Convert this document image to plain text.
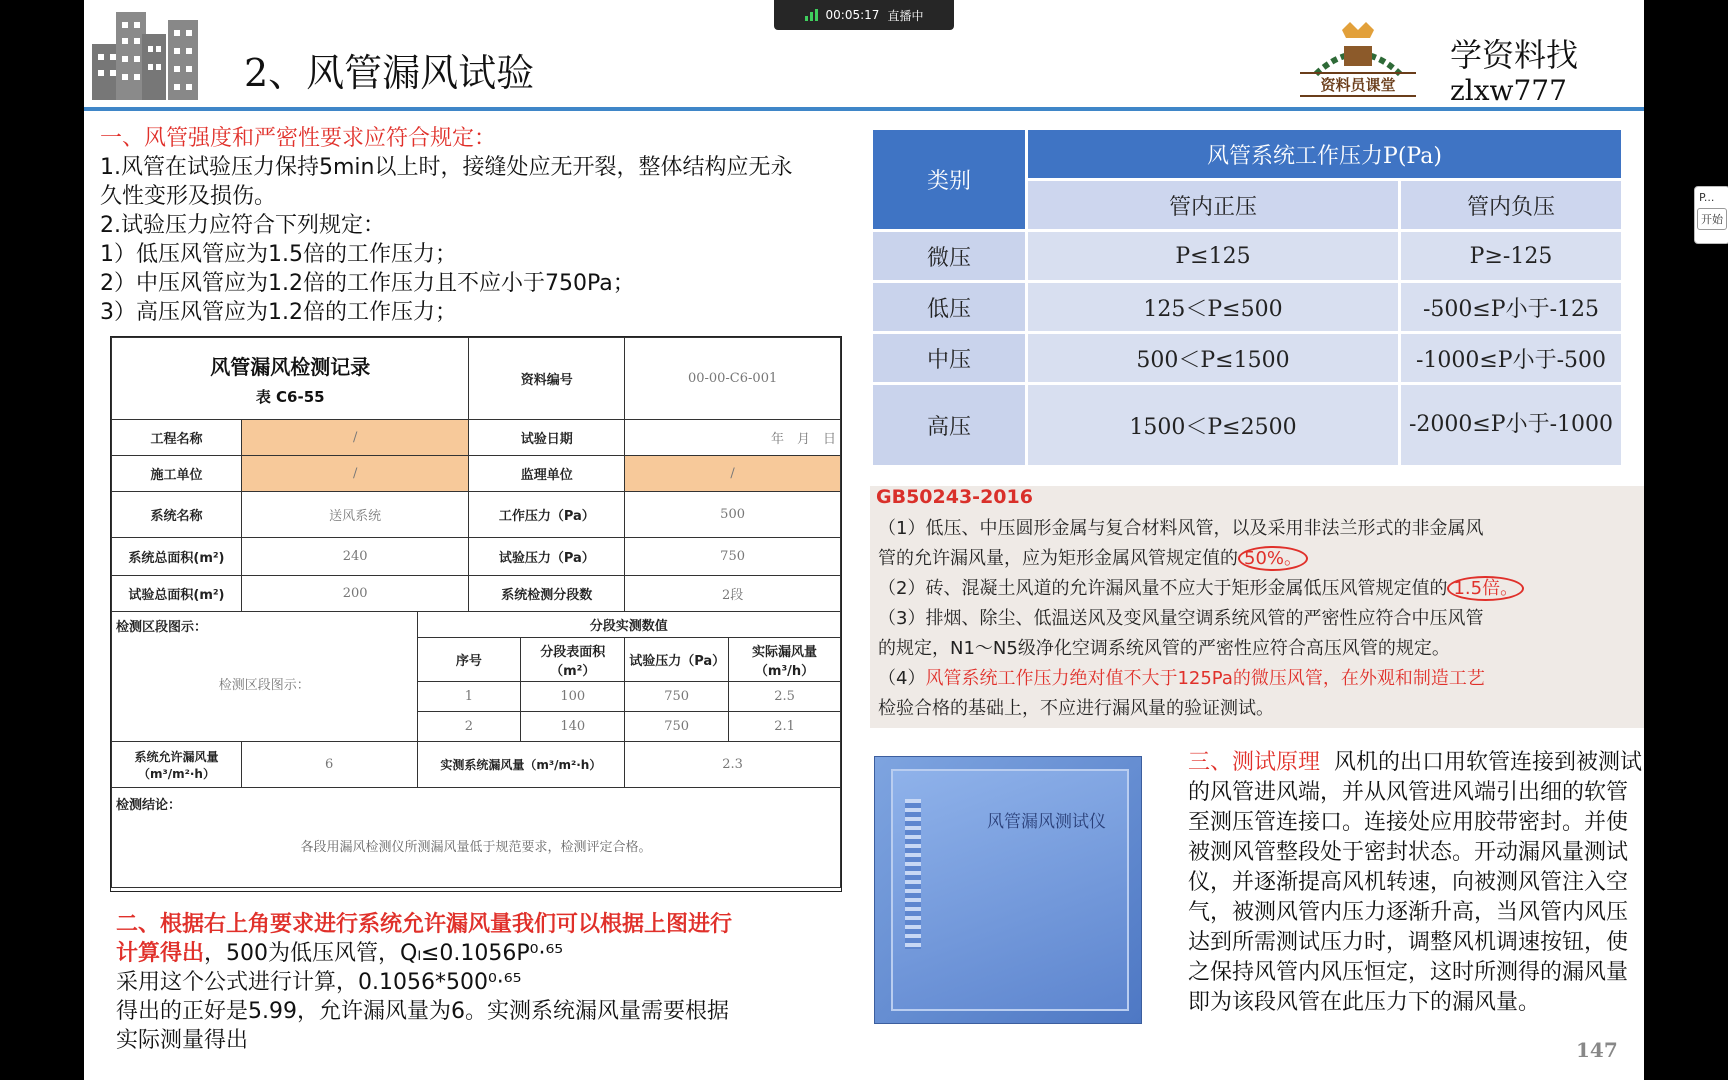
00:05:17 直播中
P...
开始
2、风管漏风试验	资料员课堂
学资料找
zlxw777
一、风管强度和严密性要求应符合规定：
1.风管在试验压力保持5min以上时，接缝处应无开裂，整体结构应无永
久性变形及损伤。
2.试验压力应符合下列规定：
1）低压风管应为1.5倍的工作压力；
2）中压风管应为1.2倍的工作压力且不应小于750Pa；
3）高压风管应为1.2倍的工作压力；
风管漏风检测记录
表 C6-55			资料编号		00-00-C6-001	
工程名称	/		试验日期		年　月　日	
施工单位	/		监理单位		/	
系统名称	送风系统		工作压力（Pa）		500	
系统总面积(m²)	240		试验压力（Pa）		750	
试验总面积(m²)	200		系统检测分段数		2段	

检测区段图示：
检测区段图示：		分段实测数值				
		序号		分段表面积（m²）	试验压力（Pa）	实际漏风量（m³/h）
		1		100	750	2.5
		2		140	750	2.1
系统允许漏风量（m³/m²·h）	6	实测系统漏风量（m³/m²·h）			2.3	

检测结论：
各段用漏风检测仪所测漏风量低于规范要求，检测评定合格。						
二、根据右上角要求进行系统允许漏风量我们可以根据上图进行
计算得出，500为低压风管，Qₗ≤0.1056P⁰·⁶⁵
采用这个公式进行计算，0.1056*500⁰·⁶⁵
得出的正好是5.99，允许漏风量为6。实测系统漏风量需要根据
实际测量得出
类别	风管系统工作压力P(Pa)	
	管内正压	管内负压
微压	P≤125	P≥-125
低压	125＜P≤500	-500≤P小于-125
中压	500＜P≤1500	-1000≤P小于-500
高压	1500＜P≤2500	-2000≤P小于-1000
GB50243-2016

（1）低压、中压圆形金属与复合材料风管，以及采用非法兰形式的非金属风

管的允许漏风量，应为矩形金属风管规定值的 50%。

（2）砖、混凝土风道的允许漏风量不应大于矩形金属低压风管规定值的 1.5倍。

（3）排烟、除尘、低温送风及变风量空调系统风管的严密性应符合中压风管

的规定，N1～N5级净化空调系统风管的严密性应符合高压风管的规定。

（4）风管系统工作压力绝对值不大于125Pa的微压风管，在外观和制造工艺

检验合格的基础上，不应进行漏风量的验证测试。

风管漏风测试仪
三、测试原理 风机的出口用软管连接到被测试的风管进风端，并从风管进风端引出细的软管至测压管连接口。连接处应用胶带密封。并使被测风管整段处于密封状态。开动漏风量测试仪，并逐渐提高风机转速，向被测风管注入空气，被测风管内压力逐渐升高，当风管内风压达到所需测试压力时，调整风机调速按钮，使之保持风管内风压恒定，这时所测得的漏风量即为该段风管在此压力下的漏风量。
147
